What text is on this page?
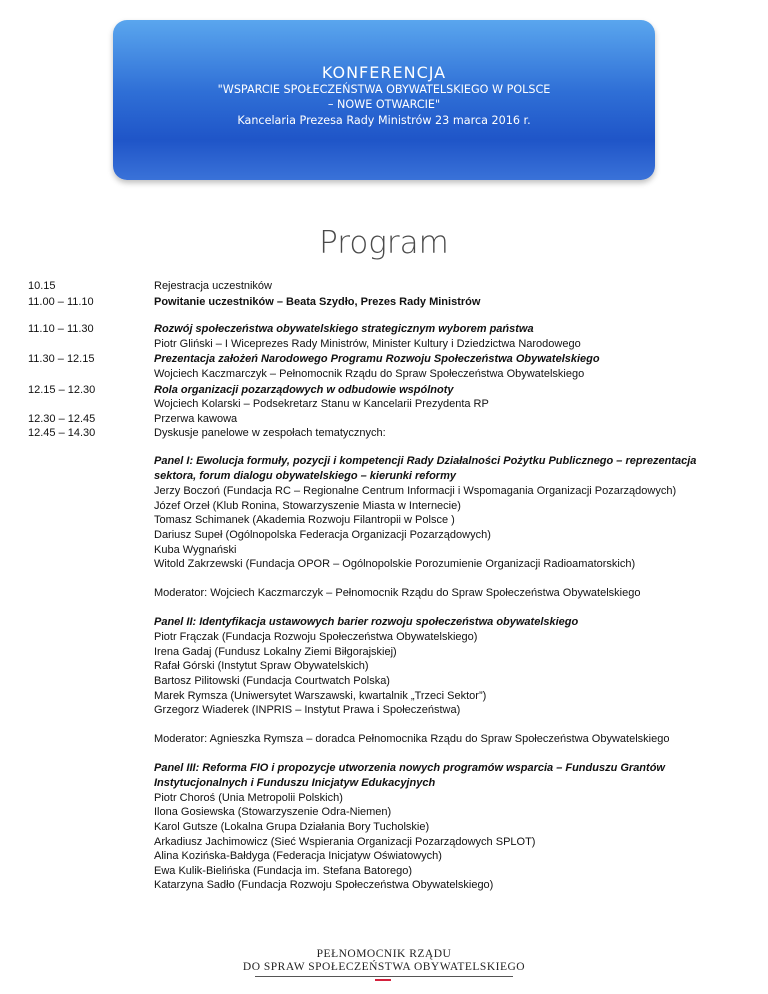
KONFERENCJA
"WSPARCIE SPOŁECZEŃSTWA OBYWATELSKIEGO W POLSCE
– NOWE OTWARCIE"
Kancelaria Prezesa Rady Ministrów 23 marca 2016 r.
Program
10.15
11.00 – 11.10
11.10 – 11.30
11.30 – 12.15
12.15 – 12.30
12.30 – 12.45
12.45 – 14.30
Rejestracja uczestników
Powitanie uczestników – Beata Szydło, Prezes Rady Ministrów
Rozwój społeczeństwa obywatelskiego strategicznym wyborem państwa
Piotr Gliński – I Wiceprezes Rady Ministrów, Minister Kultury i Dziedzictwa Narodowego
Prezentacja założeń Narodowego Programu Rozwoju Społeczeństwa Obywatelskiego
Wojciech Kaczmarczyk – Pełnomocnik Rządu do Spraw Społeczeństwa Obywatelskiego
Rola organizacji pozarządowych w odbudowie wspólnoty
Wojciech Kolarski – Podsekretarz Stanu w Kancelarii Prezydenta RP
Przerwa kawowa
Dyskusje panelowe w zespołach tematycznych:
Panel I: Ewolucja formuły, pozycji i kompetencji Rady Działalności Pożytku Publicznego – reprezentacja
sektora, forum dialogu obywatelskiego – kierunki reformy
Jerzy Boczoń (Fundacja RC – Regionalne Centrum Informacji i Wspomagania Organizacji Pozarządowych)
Józef Orzeł (Klub Ronina, Stowarzyszenie Miasta w Internecie)
Tomasz Schimanek (Akademia Rozwoju Filantropii w Polsce )
Dariusz Supeł (Ogólnopolska Federacja Organizacji Pozarządowych)
Kuba Wygnański
Witold Zakrzewski (Fundacja OPOR – Ogólnopolskie Porozumienie Organizacji Radioamatorskich)
Moderator: Wojciech Kaczmarczyk – Pełnomocnik Rządu do Spraw Społeczeństwa Obywatelskiego
Panel II: Identyfikacja ustawowych barier rozwoju społeczeństwa obywatelskiego
Piotr Frączak (Fundacja Rozwoju Społeczeństwa Obywatelskiego)
Irena Gadaj (Fundusz Lokalny Ziemi Biłgorajskiej)
Rafał Górski (Instytut Spraw Obywatelskich)
Bartosz Pilitowski (Fundacja Courtwatch Polska)
Marek Rymsza (Uniwersytet Warszawski, kwartalnik „Trzeci Sektor”)
Grzegorz Wiaderek (INPRIS – Instytut Prawa i Społeczeństwa)
Moderator: Agnieszka Rymsza – doradca Pełnomocnika Rządu do Spraw Społeczeństwa Obywatelskiego
Panel III: Reforma FIO i propozycje utworzenia nowych programów wsparcia – Funduszu Grantów
Instytucjonalnych i Funduszu Inicjatyw Edukacyjnych
Piotr Choroś (Unia Metropolii Polskich)
Ilona Gosiewska (Stowarzyszenie Odra-Niemen)
Karol Gutsze (Lokalna Grupa Działania Bory Tucholskie)
Arkadiusz Jachimowicz (Sieć Wspierania Organizacji Pozarządowych SPLOT)
Alina Kozińska-Bałdyga (Federacja Inicjatyw Oświatowych)
Ewa Kulik-Bielińska (Fundacja im. Stefana Batorego)
Katarzyna Sadło (Fundacja Rozwoju Społeczeństwa Obywatelskiego)
PEŁNOMOCNIK RZĄDU
DO SPRAW SPOŁECZEŃSTWA OBYWATELSKIEGO
